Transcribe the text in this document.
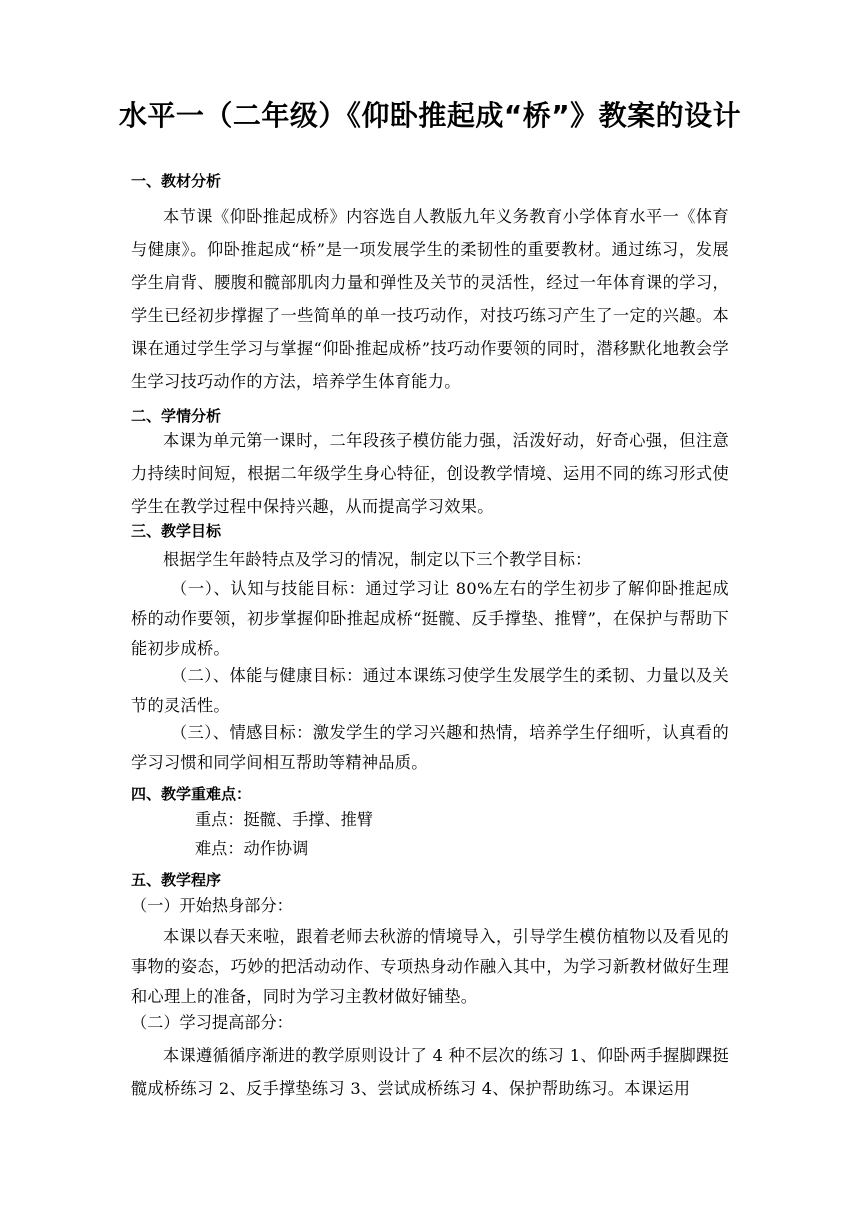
水平一（二年级）《仰卧推起成“桥”》教案的设计
一、教材分析
本节课《仰卧推起成桥》内容选自人教版九年义务教育小学体育水平一《体育与健康》。仰卧推起成“桥”是一项发展学生的柔韧性的重要教材。通过练习，发展学生肩背、腰腹和髋部肌肉力量和弹性及关节的灵活性，经过一年体育课的学习，学生已经初步撑握了一些简单的单一技巧动作，对技巧练习产生了一定的兴趣。本课在通过学生学习与掌握“仰卧推起成桥”技巧动作要领的同时，潜移默化地教会学生学习技巧动作的方法，培养学生体育能力。
二、学情分析
本课为单元第一课时，二年段孩子模仿能力强，活泼好动，好奇心强，但注意力持续时间短，根据二年级学生身心特征，创设教学情境、运用不同的练习形式使学生在教学过程中保持兴趣，从而提高学习效果。
三、教学目标
根据学生年龄特点及学习的情况，制定以下三个教学目标：
（一）、认知与技能目标：通过学习让 80%左右的学生初步了解仰卧推起成桥的动作要领，初步掌握仰卧推起成桥“挺髋、反手撑垫、推臂”，在保护与帮助下能初步成桥。
（二）、体能与健康目标：通过本课练习使学生发展学生的柔韧、力量以及关节的灵活性。
（三）、情感目标：激发学生的学习兴趣和热情，培养学生仔细听，认真看的学习习惯和同学间相互帮助等精神品质。
四、教学重难点：
重点：挺髋、手撑、推臂
难点：动作协调
五、教学程序
（一）开始热身部分：
本课以春天来啦，跟着老师去秋游的情境导入，引导学生模仿植物以及看见的事物的姿态，巧妙的把活动动作、专项热身动作融入其中，为学习新教材做好生理和心理上的准备，同时为学习主教材做好铺垫。
（二）学习提高部分：
本课遵循循序渐进的教学原则设计了 4 种不层次的练习 1、仰卧两手握脚踝挺髋成桥练习 2、反手撑垫练习 3、尝试成桥练习 4、保护帮助练习。本课运用
